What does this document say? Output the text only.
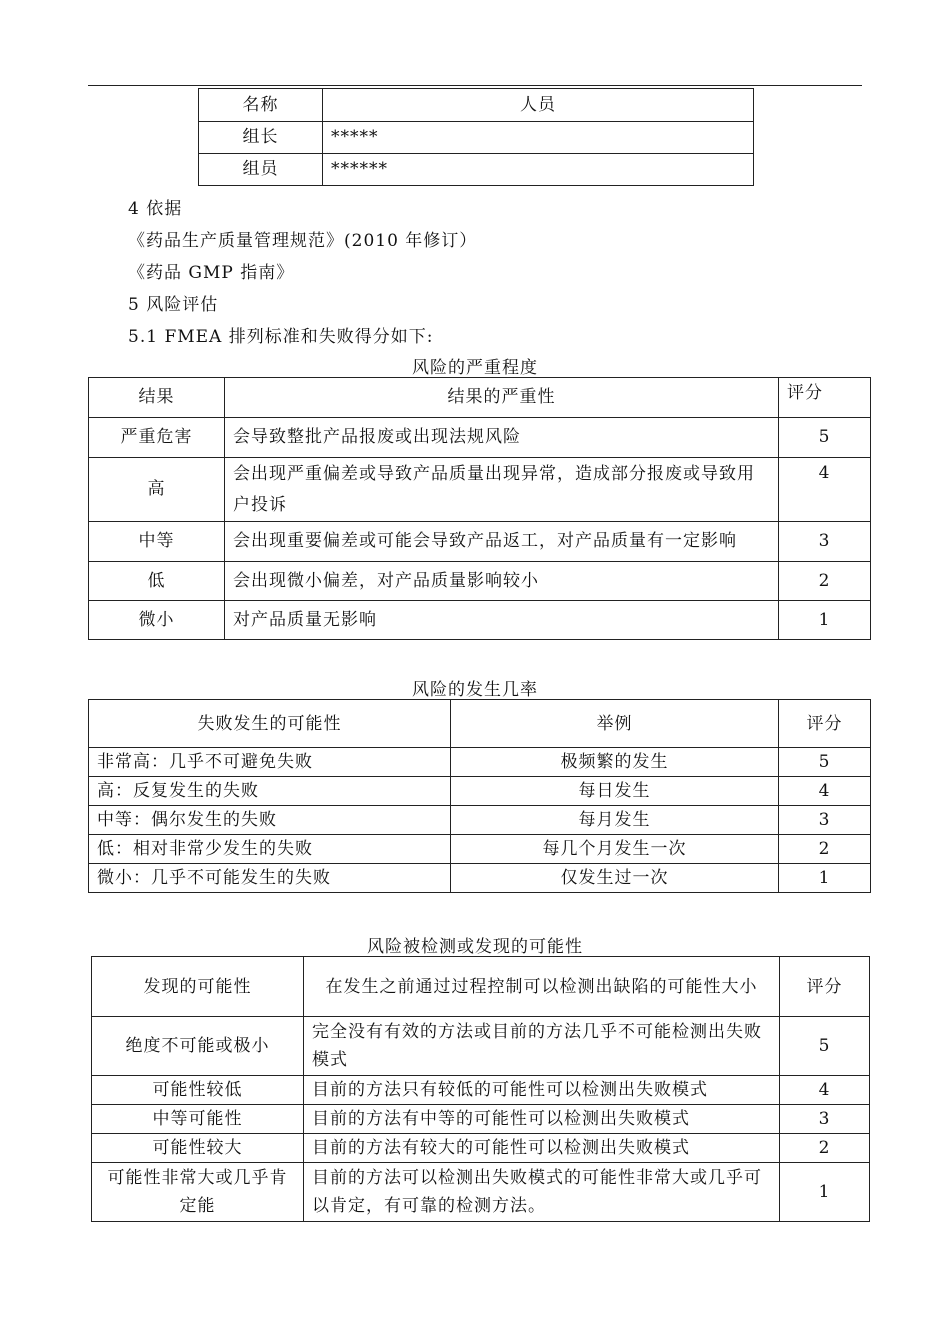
名称	人员
组长	*****
组员	******
4 依据
《药品生产质量管理规范》(2010 年修订）
《药品 GMP 指南》
5 风险评估
5.1 FMEA 排列标准和失败得分如下:
风险的严重程度
结果	结果的严重性	评分
严重危害	会导致整批产品报废或出现法规风险	5
高	会出现严重偏差或导致产品质量出现异常，造成部分报废或导致用户投诉	4
中等	会出现重要偏差或可能会导致产品返工，对产品质量有一定影响	3
低	会出现微小偏差，对产品质量影响较小	2
微小	对产品质量无影响	1
风险的发生几率
失败发生的可能性	举例	评分
非常高：几乎不可避免失败	极频繁的发生	5
高：反复发生的失败	每日发生	4
中等：偶尔发生的失败	每月发生	3
低：相对非常少发生的失败	每几个月发生一次	2
微小：几乎不可能发生的失败	仅发生过一次	1
风险被检测或发现的可能性
发现的可能性	在发生之前通过过程控制可以检测出缺陷的可能性大小	评分
绝度不可能或极小	完全没有有效的方法或目前的方法几乎不可能检测出失败模式	5
可能性较低	目前的方法只有较低的可能性可以检测出失败模式	4
中等可能性	目前的方法有中等的可能性可以检测出失败模式	3
可能性较大	目前的方法有较大的可能性可以检测出失败模式	2
可能性非常大或几乎肯定能	目前的方法可以检测出失败模式的可能性非常大或几乎可以肯定，有可靠的检测方法。	1
